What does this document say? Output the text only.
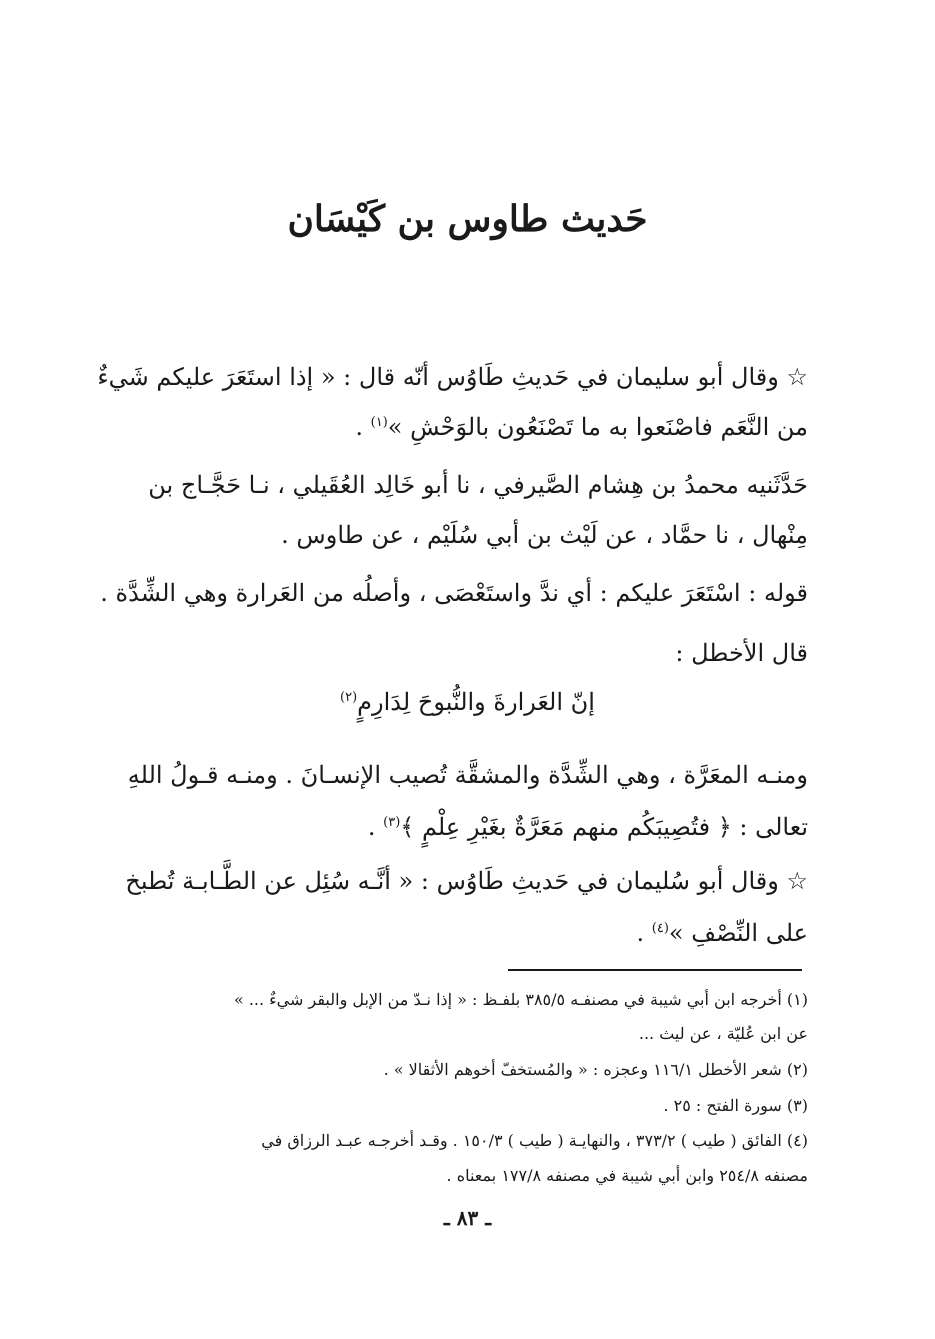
حَديث طاوس بن كَيْسَان
☆ وقال أبو سليمان في حَديثِ طَاوُس أنّه قال : « إذا استَعَرَ عليكم شَيءٌ
من النَّعَم فاصْنَعوا به ما تَصْنَعُون بالوَحْشِ »$^{(١)}$ .
حَدَّثَنيه محمدُ بن هِشام الصَّيرفي ، نا أبو خَالِد العُقَيلي ، نـا حَجَّـاج بن
مِنْهال ، نا حمَّاد ، عن لَيْث بن أبي سُلَيْم ، عن طاوس .
قوله : اسْتَعَرَ عليكم : أي ندَّ واستَعْصَى ، وأصلُه من العَرارة وهي الشِّدَّة .
قال الأخطل :
إنّ العَرارةَ والنُّبوحَ لِدَارِمٍ$^{(٢)}$
ومنـه المعَرَّة ، وهي الشِّدَّة والمشقَّة تُصيب الإنسـانَ . ومنـه قـولُ اللهِ
تعالى : ﴿ فتُصِيبَكُم منهم مَعَرَّةٌ بغَيْرِ عِلْمٍ ﴾$^{(٣)}$ .
☆ وقال أبو سُليمان في حَديثِ طَاوُس : « أنَّـه سُئِل عن الطَّـابـة تُطبخ
على النِّصْفِ »$^{(٤)}$ .
(١) أخرجه ابن أبي شيبة في مصنفـه ٣٨٥/٥ بلفـظ : « إذا نـدّ من الإبل والبقر شيءٌ ... »
عن ابن عُليّة ، عن ليث ...
(٢) شعر الأخطل ١١٦/١ وعجزه : « والمُستخفّ أخوهم الأثقالا » .
(٣) سورة الفتح : ٢٥ .
(٤) الفائق ( طيب ) ٣٧٣/٢ ، والنهايـة ( طيب ) ١٥٠/٣ . وقـد أخرجـه عبـد الرزاق في
مصنفه ٢٥٤/٨ وابن أبي شيبة في مصنفه ١٧٧/٨ بمعناه .
ـ ٨٣ ـ
